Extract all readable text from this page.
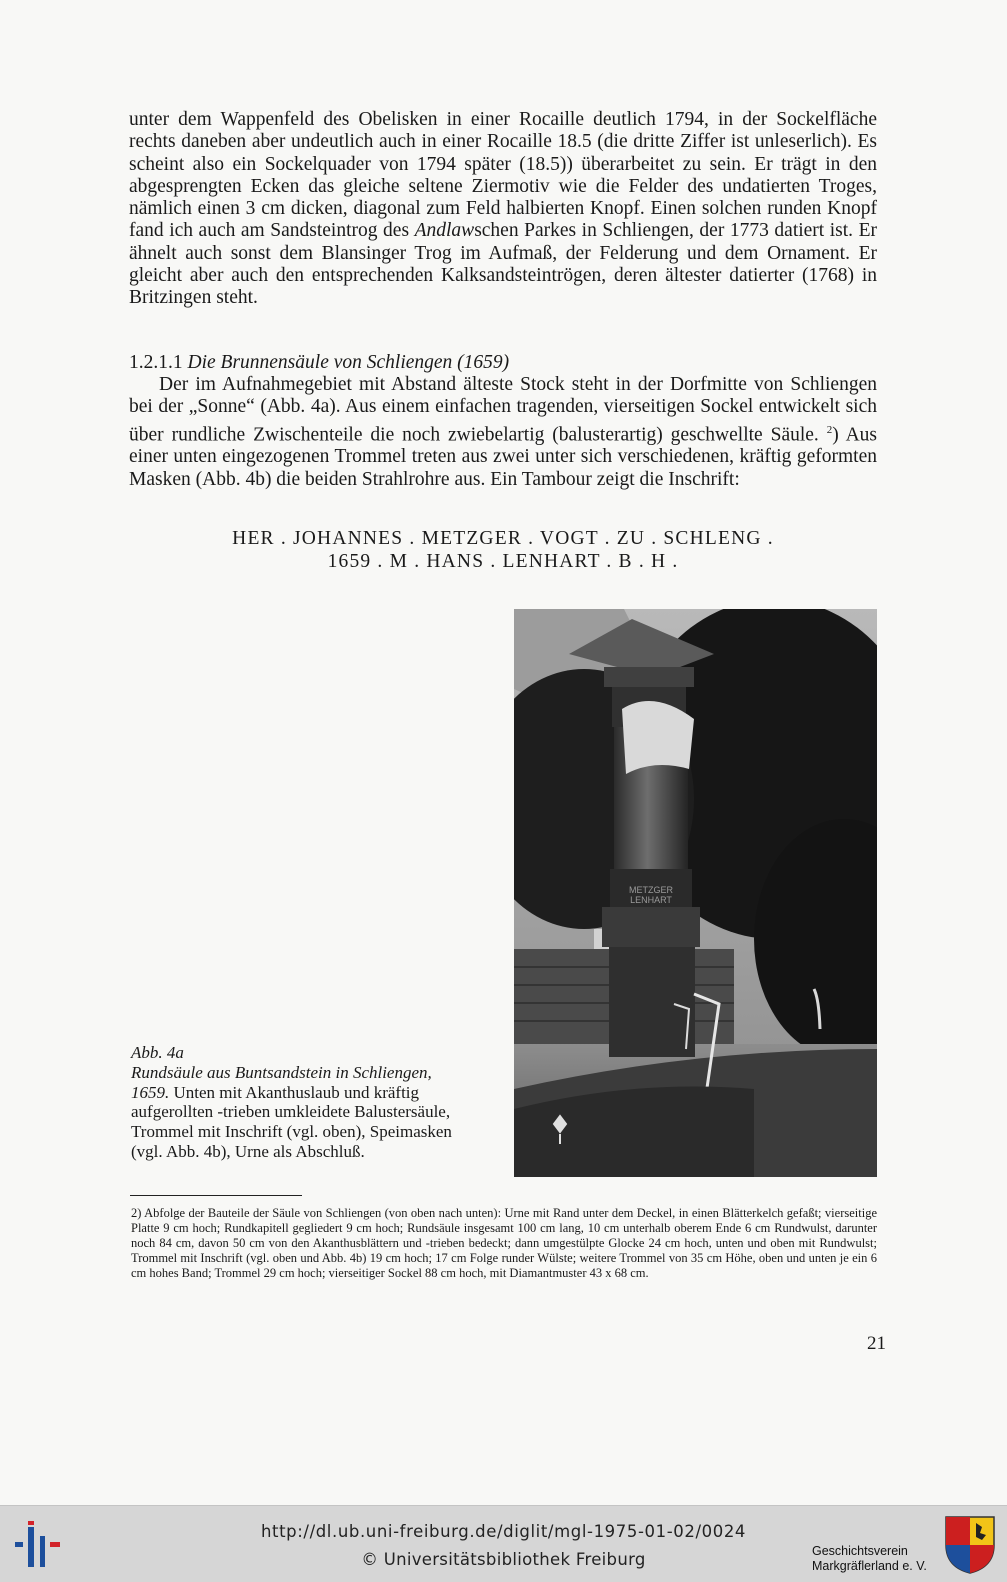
unter dem Wappenfeld des Obelisken in einer Rocaille deutlich 1794, in der Sockelfläche rechts daneben aber undeutlich auch in einer Rocaille 18.5 (die dritte Ziffer ist unleserlich). Es scheint also ein Sockelquader von 1794 später (18.5)) überarbeitet zu sein. Er trägt in den abgesprengten Ecken das gleiche seltene Ziermotiv wie die Felder des undatierten Troges, nämlich einen 3 cm dicken, diagonal zum Feld halbierten Knopf. Einen solchen runden Knopf fand ich auch am Sandsteintrog des Andlawschen Parkes in Schliengen, der 1773 datiert ist. Er ähnelt auch sonst dem Blansinger Trog im Aufmaß, der Felderung und dem Ornament. Er gleicht aber auch den entsprechenden Kalksandsteintrögen, deren ältester datierter (1768) in Britzingen steht.
1.2.1.1 Die Brunnensäule von Schliengen (1659)
Der im Aufnahmegebiet mit Abstand älteste Stock steht in der Dorfmitte von Schliengen bei der „Sonne“ (Abb. 4a). Aus einem einfachen tragenden, vierseitigen Sockel entwickelt sich über rundliche Zwischenteile die noch zwiebelartig (balusterartig) geschwellte Säule. $^2$) Aus einer unten eingezogenen Trommel treten aus zwei unter sich verschiedenen, kräftig geformten Masken (Abb. 4b) die beiden Strahlrohre aus. Ein Tambour zeigt die Inschrift:
HER . JOHANNES . METZGER . VOGT . ZU . SCHLENG .
1659 . M . HANS . LENHART . B . H .
METZGER
LENHART
Abb. 4a
Rundsäule aus Buntsandstein in Schliengen, 1659. Unten mit Akanthuslaub und kräftig aufgerollten -trieben umkleidete Balustersäule, Trommel mit Inschrift (vgl. oben), Speimasken (vgl. Abb. 4b), Urne als Abschluß.
2) Abfolge der Bauteile der Säule von Schliengen (von oben nach unten): Urne mit Rand unter dem Deckel, in einen Blätterkelch gefaßt; vierseitige Platte 9 cm hoch; Rundkapitell gegliedert 9 cm hoch; Rundsäule insgesamt 100 cm lang, 10 cm unterhalb oberem Ende 6 cm Rundwulst, darunter noch 84 cm, davon 50 cm von den Akanthusblättern und -trieben bedeckt; dann umgestülpte Glocke 24 cm hoch, unten und oben mit Rundwulst; Trommel mit Inschrift (vgl. oben und Abb. 4b) 19 cm hoch; 17 cm Folge runder Wülste; weitere Trommel von 35 cm Höhe, oben und unten je ein 6 cm hohes Band; Trommel 29 cm hoch; vierseitiger Sockel 88 cm hoch, mit Diamantmuster 43 x 68 cm.
21
http://dl.ub.uni-freiburg.de/diglit/mgl-1975-01-02/0024
© Universitätsbibliothek Freiburg	Geschichtsverein
Markgräflerland e. V.
